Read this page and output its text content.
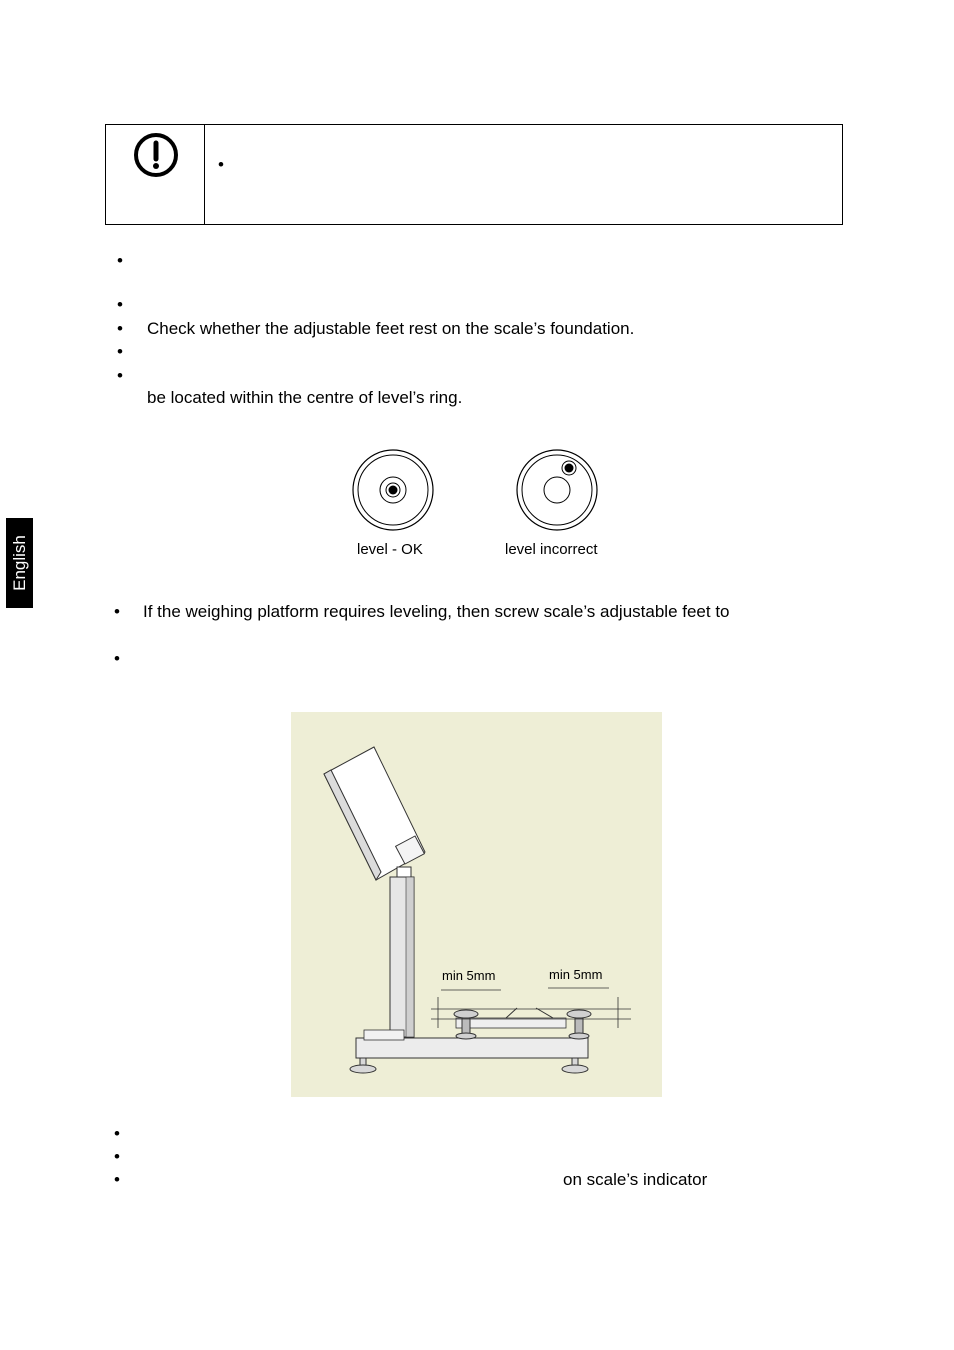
English
•
•
•
• Check whether the adjustable feet rest on the scale’s foundation.
•
•
be located within the centre of level’s ring.
level - OK	level incorrect
• If the weighing platform requires leveling, then screw scale’s adjustable feet to
•
min 5mm	min 5mm
•
•
•	on scale’s indicator
